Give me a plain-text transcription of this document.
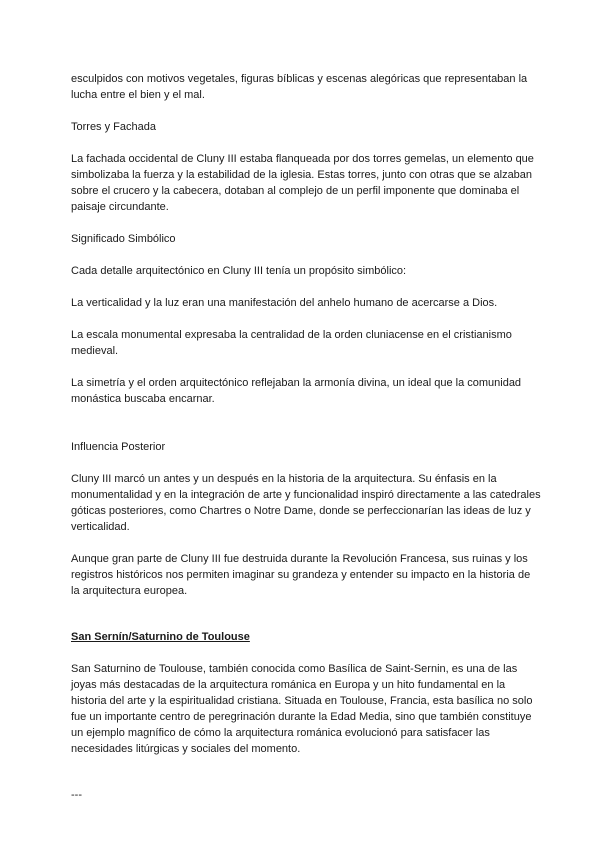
esculpidos con motivos vegetales, figuras bíblicas y escenas alegóricas que representaban la lucha entre el bien y el mal.

Torres y Fachada

La fachada occidental de Cluny III estaba flanqueada por dos torres gemelas, un elemento que simbolizaba la fuerza y la estabilidad de la iglesia. Estas torres, junto con otras que se alzaban sobre el crucero y la cabecera, dotaban al complejo de un perfil imponente que dominaba el paisaje circundante.

Significado Simbólico

Cada detalle arquitectónico en Cluny III tenía un propósito simbólico:

La verticalidad y la luz eran una manifestación del anhelo humano de acercarse a Dios.

La escala monumental expresaba la centralidad de la orden cluniacense en el cristianismo medieval.

La simetría y el orden arquitectónico reflejaban la armonía divina, un ideal que la comunidad monástica buscaba encarnar.

Influencia Posterior

Cluny III marcó un antes y un después en la historia de la arquitectura. Su énfasis en la monumentalidad y en la integración de arte y funcionalidad inspiró directamente a las catedrales góticas posteriores, como Chartres o Notre Dame, donde se perfeccionarían las ideas de luz y verticalidad.

Aunque gran parte de Cluny III fue destruida durante la Revolución Francesa, sus ruinas y los registros históricos nos permiten imaginar su grandeza y entender su impacto en la historia de la arquitectura europea.

San Sernín/Saturnino de Toulouse

San Saturnino de Toulouse, también conocida como Basílica de Saint-Sernin, es una de las joyas más destacadas de la arquitectura románica en Europa y un hito fundamental en la historia del arte y la espiritualidad cristiana. Situada en Toulouse, Francia, esta basílica no solo fue un importante centro de peregrinación durante la Edad Media, sino que también constituye un ejemplo magnífico de cómo la arquitectura románica evolucionó para satisfacer las necesidades litúrgicas y sociales del momento.

---
